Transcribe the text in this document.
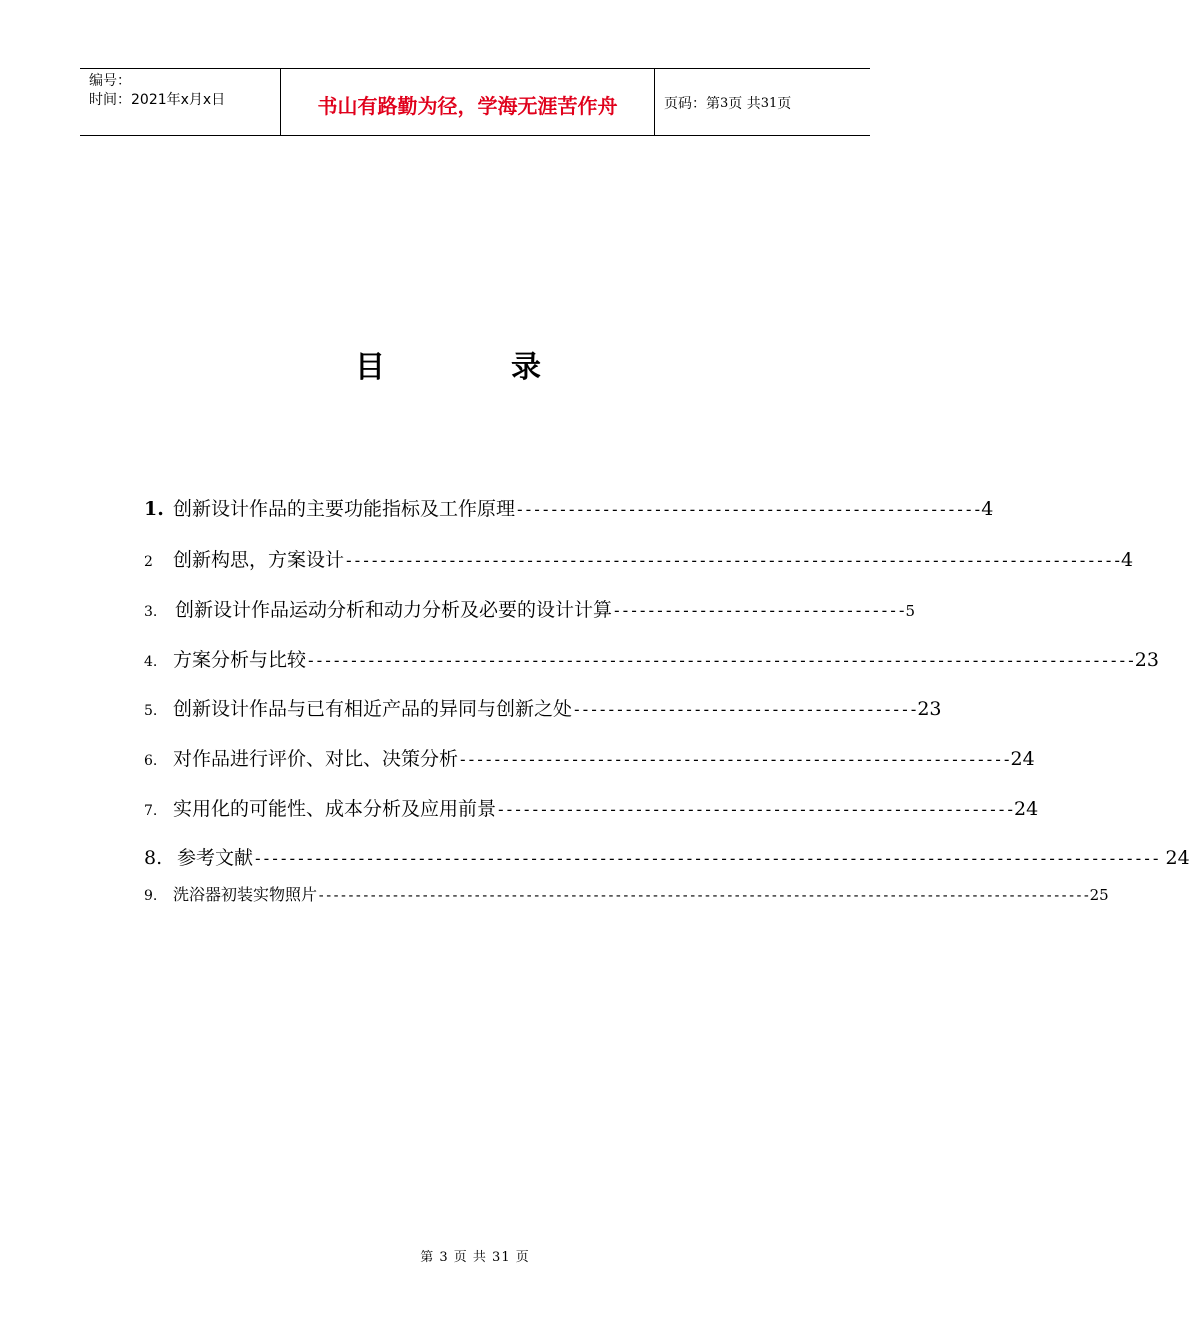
编号：
时间：2021年x月x日	书山有路勤为径，学海无涯苦作舟	页码：第 3 页 共 31 页
目	录
1. 创新设计作品的主要功能指标及工作原理 ------------------------------------------------------ 4
2	创新构思，方案设计 ------------------------------------------------------------------------------------------ 4
3. 创新设计作品运动分析和动力分析及必要的设计计算 ---------------------------------- 5
4. 方案分析与比较 ------------------------------------------------------------------------------------------------ 23
5. 创新设计作品与已有相近产品的异同与创新之处 ---------------------------------------- 23
6. 对作品进行评价、对比、决策分析 ---------------------------------------------------------------- 24
7. 实用化的可能性、成本分析及应用前景 ------------------------------------------------------------ 24
8. 参考文献 --------------------------------------------------------------------------------------------------------- 24
9. 洗浴器初装实物照片 -------------------------------------------------------------------------------------------------------- 25
第 3 页 共 31 页
